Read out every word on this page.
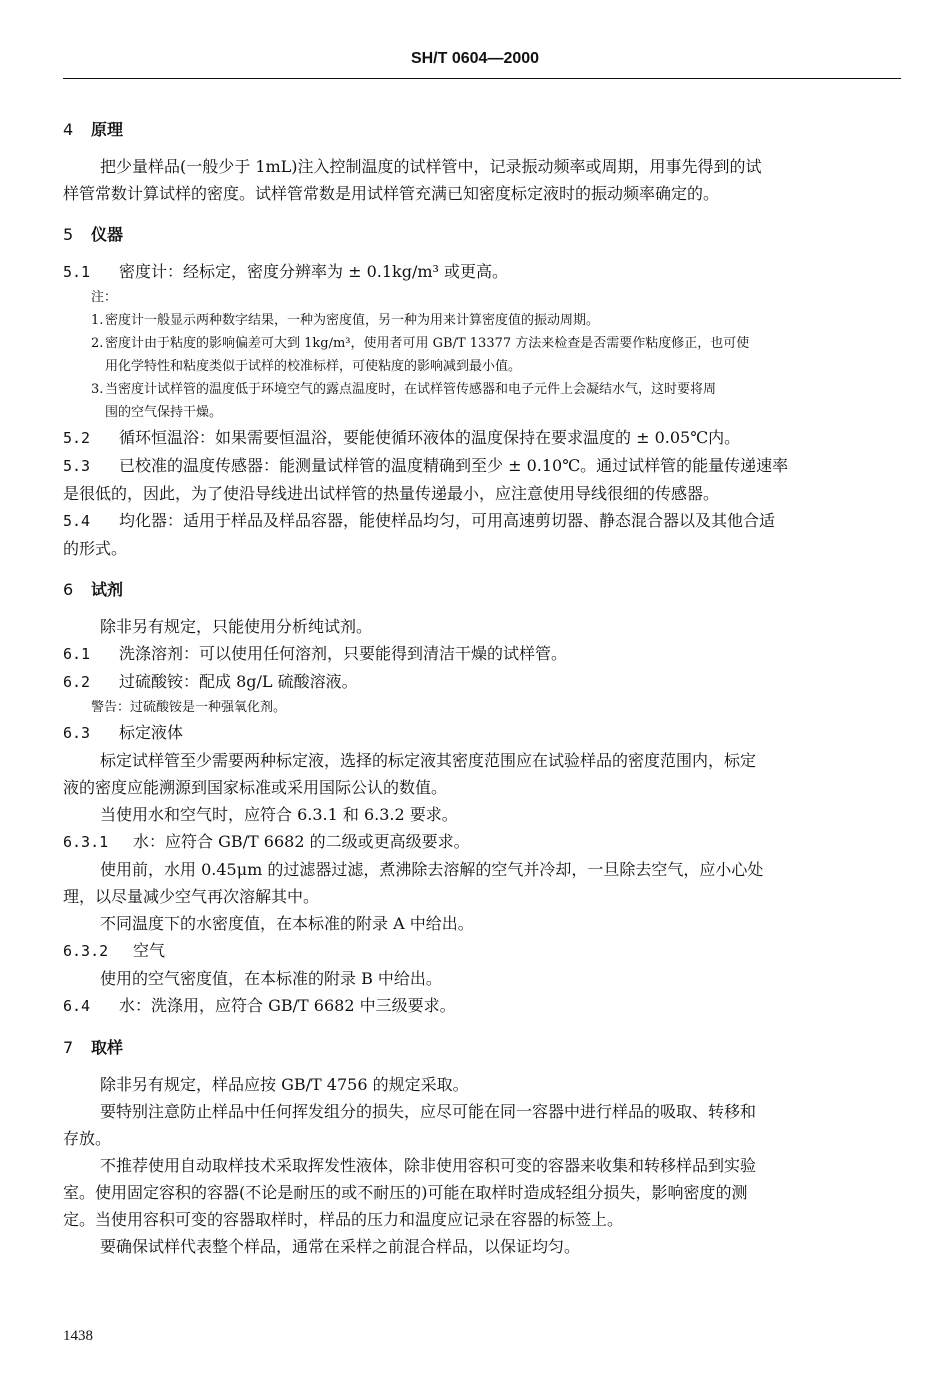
SH/T 0604—2000
4 原理
把少量样品(一般少于 1mL)注入控制温度的试样管中，记录振动频率或周期，用事先得到的试
样管常数计算试样的密度。试样管常数是用试样管充满已知密度标定液时的振动频率确定的。
5 仪器
5.1 密度计：经标定，密度分辨率为 ± 0.1kg/m³ 或更高。
注：
1. 密度计一般显示两种数字结果，一种为密度值，另一种为用来计算密度值的振动周期。
2. 密度计由于粘度的影响偏差可大到 1kg/m³，使用者可用 GB/T 13377 方法来检查是否需要作粘度修正，也可使
用化学特性和粘度类似于试样的校准标样，可使粘度的影响减到最小值。
3. 当密度计试样管的温度低于环境空气的露点温度时，在试样管传感器和电子元件上会凝结水气，这时要将周
围的空气保持干燥。
5.2 循环恒温浴：如果需要恒温浴，要能使循环液体的温度保持在要求温度的 ± 0.05℃内。
5.3 已校准的温度传感器：能测量试样管的温度精确到至少 ± 0.10℃。通过试样管的能量传递速率
是很低的，因此，为了使沿导线进出试样管的热量传递最小，应注意使用导线很细的传感器。
5.4 均化器：适用于样品及样品容器，能使样品均匀，可用高速剪切器、静态混合器以及其他合适
的形式。
6 试剂
除非另有规定，只能使用分析纯试剂。
6.1 洗涤溶剂：可以使用任何溶剂，只要能得到清洁干燥的试样管。
6.2 过硫酸铵：配成 8g/L 硫酸溶液。
警告：过硫酸铵是一种强氧化剂。
6.3 标定液体
标定试样管至少需要两种标定液，选择的标定液其密度范围应在试验样品的密度范围内，标定
液的密度应能溯源到国家标准或采用国际公认的数值。
当使用水和空气时，应符合 6.3.1 和 6.3.2 要求。
6.3.1 水：应符合 GB/T 6682 的二级或更高级要求。
使用前，水用 0.45μm 的过滤器过滤，煮沸除去溶解的空气并冷却，一旦除去空气，应小心处
理，以尽量减少空气再次溶解其中。
不同温度下的水密度值，在本标准的附录 A 中给出。
6.3.2 空气
使用的空气密度值，在本标准的附录 B 中给出。
6.4 水：洗涤用，应符合 GB/T 6682 中三级要求。
7 取样
除非另有规定，样品应按 GB/T 4756 的规定采取。
要特别注意防止样品中任何挥发组分的损失，应尽可能在同一容器中进行样品的吸取、转移和
存放。
不推荐使用自动取样技术采取挥发性液体，除非使用容积可变的容器来收集和转移样品到实验
室。使用固定容积的容器(不论是耐压的或不耐压的)可能在取样时造成轻组分损失，影响密度的测
定。当使用容积可变的容器取样时，样品的压力和温度应记录在容器的标签上。
要确保试样代表整个样品，通常在采样之前混合样品，以保证均匀。
1438
